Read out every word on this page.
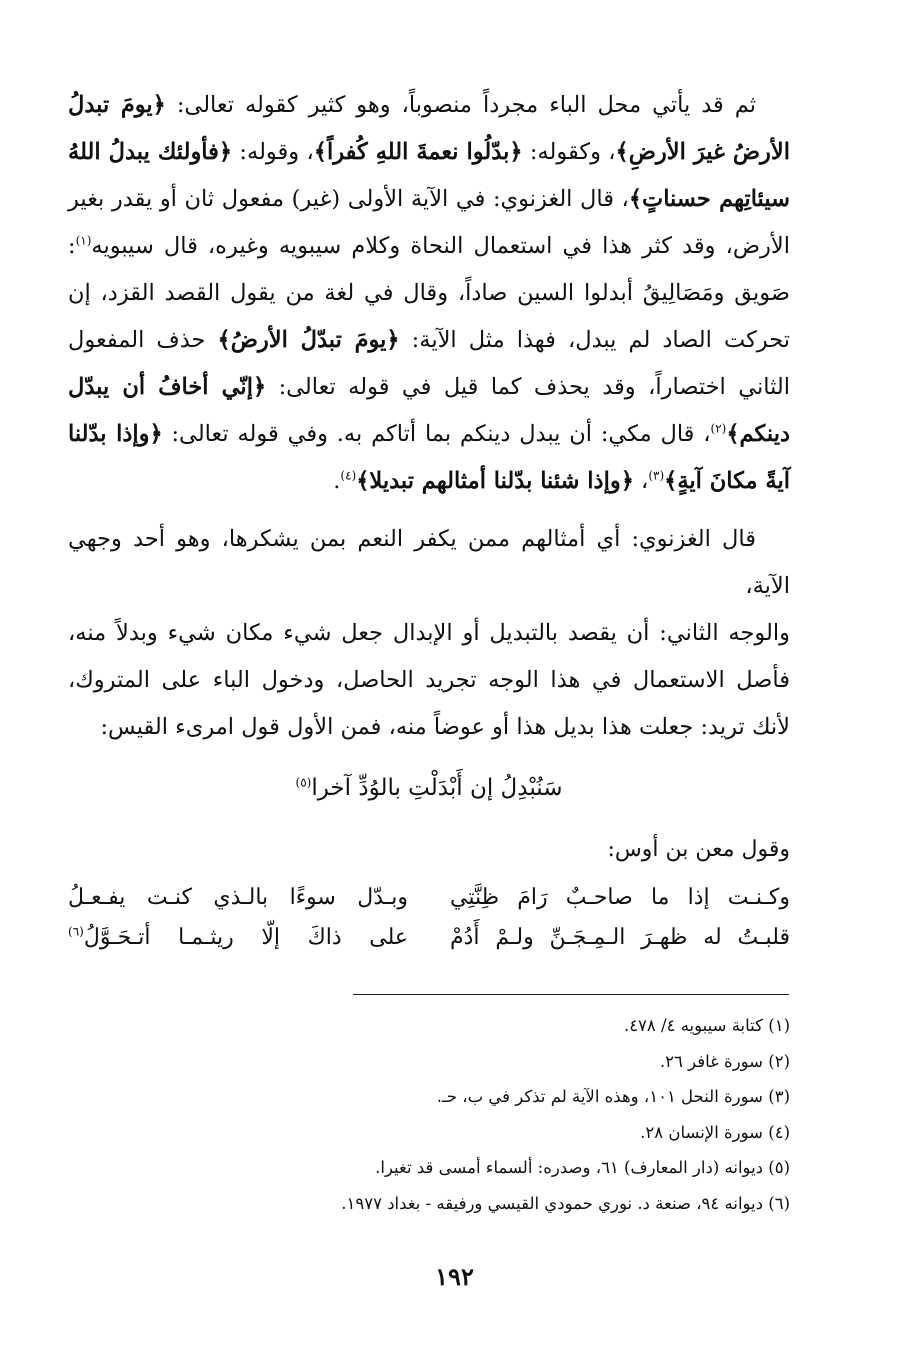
ثم قد يأتي محل الباء مجرداً منصوباً، وهو كثير كقوله تعالى: ﴿يومَ تبدلُ الأرضُ غيرَ الأرضِ﴾، وكقوله: ﴿بدّلُوا نعمةَ اللهِ كُفراً﴾، وقوله: ﴿فأولئك يبدلُ اللهُ سيئاتِهم حسناتٍ﴾، قال الغزنوي: في الآية الأولى (غير) مفعول ثان أو يقدر بغير الأرض، وقد كثر هذا في استعمال النحاة وكلام سيبويه وغيره، قال سيبويه$^{(١)}$: صَويق ومَصَالِيقُ أبدلوا السين صاداً، وقال في لغة من يقول القصد القزد، إن تحركت الصاد لم يبدل، فهذا مثل الآية: ﴿يومَ تبدّلُ الأرضُ﴾ حذف المفعول الثاني اختصاراً، وقد يحذف كما قيل في قوله تعالى: ﴿إنّي أخافُ أن يبدّل دينكم﴾$^{(٢)}$، قال مكي: أن يبدل دينكم بما أتاكم به. وفي قوله تعالى: ﴿وإذا بدّلنا آيةً مكانَ آيةٍ﴾$^{(٣)}$، ﴿وإذا شئنا بدّلنا أمثالهم تبديلا﴾$^{(٤)}$.

قال الغزنوي: أي أمثالهم ممن يكفر النعم بمن يشكرها، وهو أحد وجهي الآية،

والوجه الثاني: أن يقصد بالتبديل أو الإبدال جعل شيء مكان شيء وبدلاً منه، فأصل الاستعمال في هذا الوجه تجريد الحاصل، ودخول الباء على المتروك، لأنك تريد: جعلت هذا بديل هذا أو عوضاً منه، فمن الأول قول امرىء القيس:

سَنُبْدِلُ إن أَبْدَلْتِ بالوُدِّ آخرا$^{(٥)}$
وقول معن بن أوس:
وكـنـت إذا ما صاحـبٌ رَامَ ظِنَّتِي
وبـدّل سوءًا بالـذي كنـت يفـعـلُ
قلبـتُ له ظهـرَ الـمِـجَـنِّ ولـمْ أَدُمْ
على ذاكَ إلّا ريثـمـا أتـحَـوَّلُ$^{(٦)}$
(١) كتابة سيبويه ٤/ ٤٧٨.
(٢) سورة غافر ٢٦.
(٣) سورة النحل ١٠١، وهذه الآية لم تذكر في ب، حـ.
(٤) سورة الإنسان ٢٨.
(٥) ديوانه (دار المعارف) ٦١، وصدره: ألسماء أمسى قد تغيرا.
(٦) ديوانه ٩٤، صنعة د. نوري حمودي القيسي ورفيقه - بغداد ١٩٧٧.
١٩٢
